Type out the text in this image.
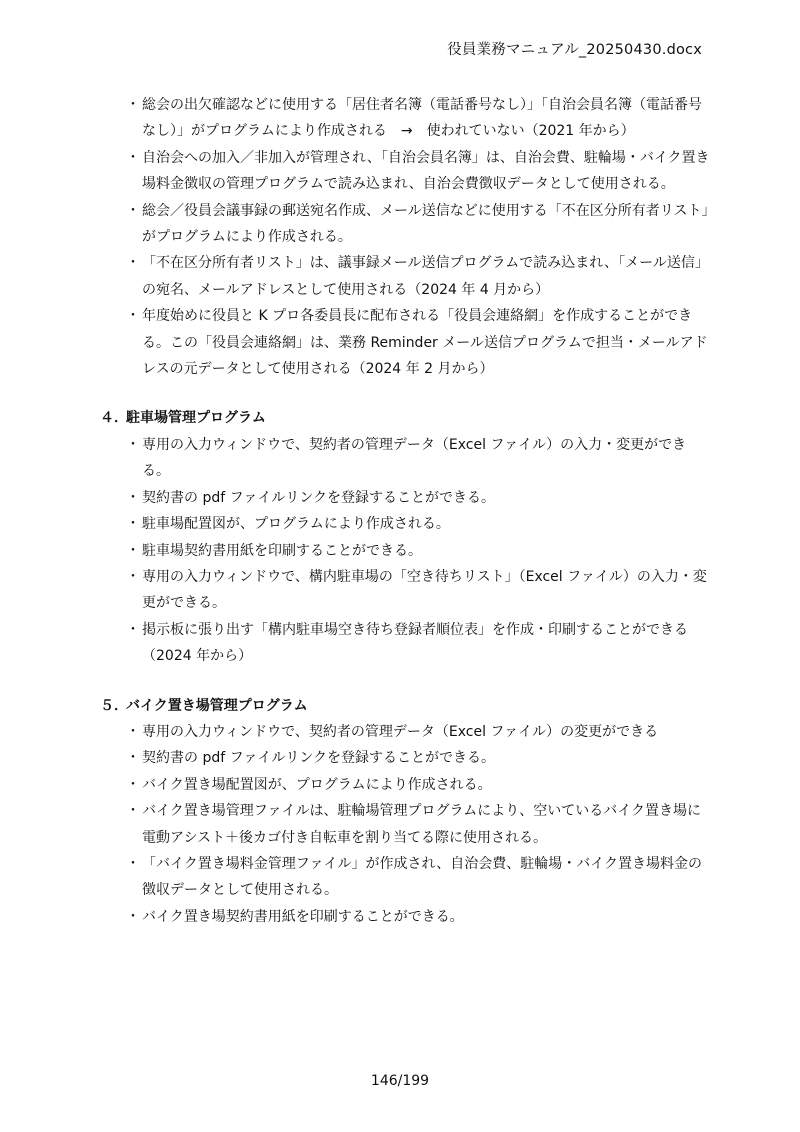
役員業務マニュアル_20250430.docx
・ 総会の出欠確認などに使用する「居住者名簿（電話番号なし）」「自治会員名簿（電話番号なし）」がプログラムにより作成される　→　使われていない（2021 年から）
・ 自治会への加入／非加入が管理され、「自治会員名簿」は、自治会費、駐輪場・バイク置き場料金徴収の管理プログラムで読み込まれ、自治会費徴収データとして使用される。
・ 総会／役員会議事録の郵送宛名作成、メール送信などに使用する「不在区分所有者リスト」がプログラムにより作成される。
・ 「不在区分所有者リスト」は、議事録メール送信プログラムで読み込まれ、「メール送信」の宛名、メールアドレスとして使用される（2024 年 4 月から）
・ 年度始めに役員と K プロ各委員長に配布される「役員会連絡網」を作成することができる。この「役員会連絡網」は、業務 Reminder メール送信プログラムで担当・メールアドレスの元データとして使用される（2024 年 2 月から）
４．駐車場管理プログラム
・ 専用の入力ウィンドウで、契約者の管理データ（Excel ファイル）の入力・変更ができる。
・ 契約書の pdf ファイルリンクを登録することができる。
・ 駐車場配置図が、プログラムにより作成される。
・ 駐車場契約書用紙を印刷することができる。
・ 専用の入力ウィンドウで、構内駐車場の「空き待ちリスト」（Excel ファイル）の入力・変更ができる。
・ 掲示板に張り出す「構内駐車場空き待ち登録者順位表」を作成・印刷することができる（2024 年から）
５．バイク置き場管理プログラム
・ 専用の入力ウィンドウで、契約者の管理データ（Excel ファイル）の変更ができる
・ 契約書の pdf ファイルリンクを登録することができる。
・ バイク置き場配置図が、プログラムにより作成される。
・ バイク置き場管理ファイルは、駐輪場管理プログラムにより、空いているバイク置き場に電動アシスト＋後カゴ付き自転車を割り当てる際に使用される。
・ 「バイク置き場料金管理ファイル」が作成され、自治会費、駐輪場・バイク置き場料金の徴収データとして使用される。
・ バイク置き場契約書用紙を印刷することができる。
146/199
